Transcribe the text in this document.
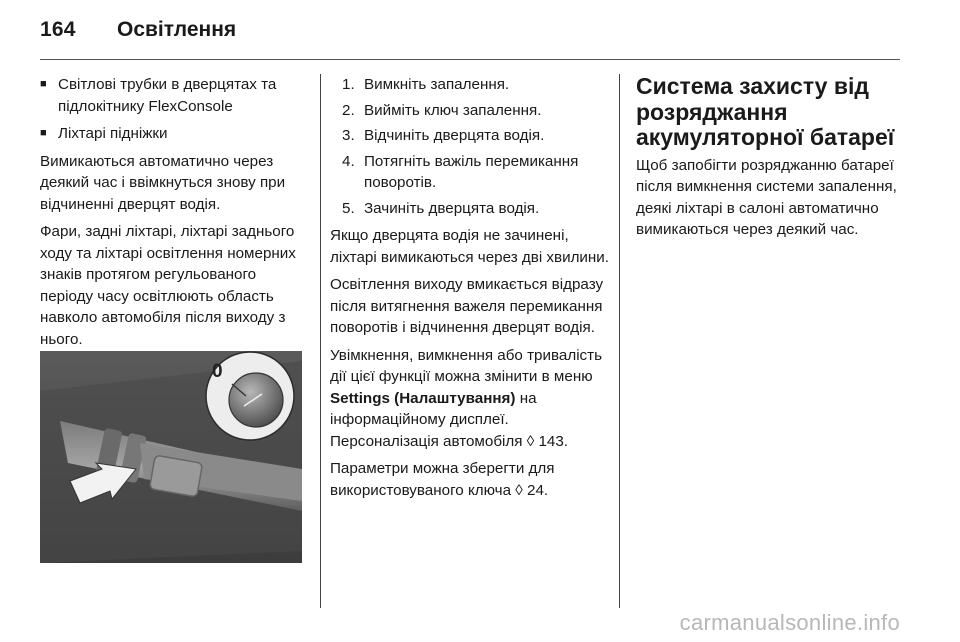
164 Освітлення
■ Світлові трубки в дверцятах та підлокітнику FlexConsole
■ Ліхтарі підніжки

Вимикаються автоматично через деякий час і ввімкнуться знову при відчиненні дверцят водія.

Фари, задні ліхтарі, ліхтарі заднього ходу та ліхтарі освітлення номерних знаків протягом регульованого періоду часу освітлюють область навколо автомобіля після виходу з нього.

0
1. Вимкніть запалення.
2. Вийміть ключ запалення.
3. Відчиніть дверцята водія.
4. Потягніть важіль перемикання поворотів.
5. Зачиніть дверцята водія.

Якщо дверцята водія не зачинені, ліхтарі вимикаються через дві хвилини.

Освітлення виходу вмикається відразу після витягнення важеля перемикання поворотів і відчинення дверцят водія.

Увімкнення, вимкнення або тривалість дії цієї функції можна змінити в меню Settings (Налаштування) на інформаційному дисплеї. Персоналізація автомобіля ◊ 143.

Параметри можна зберегти для використовуваного ключа ◊ 24.

Система захисту від розряджання акумуляторної батареї

Щоб запобігти розряджанню батареї після вимкнення системи запалення, деякі ліхтарі в салоні автоматично вимикаються через деякий час.

carmanualsonline.info
